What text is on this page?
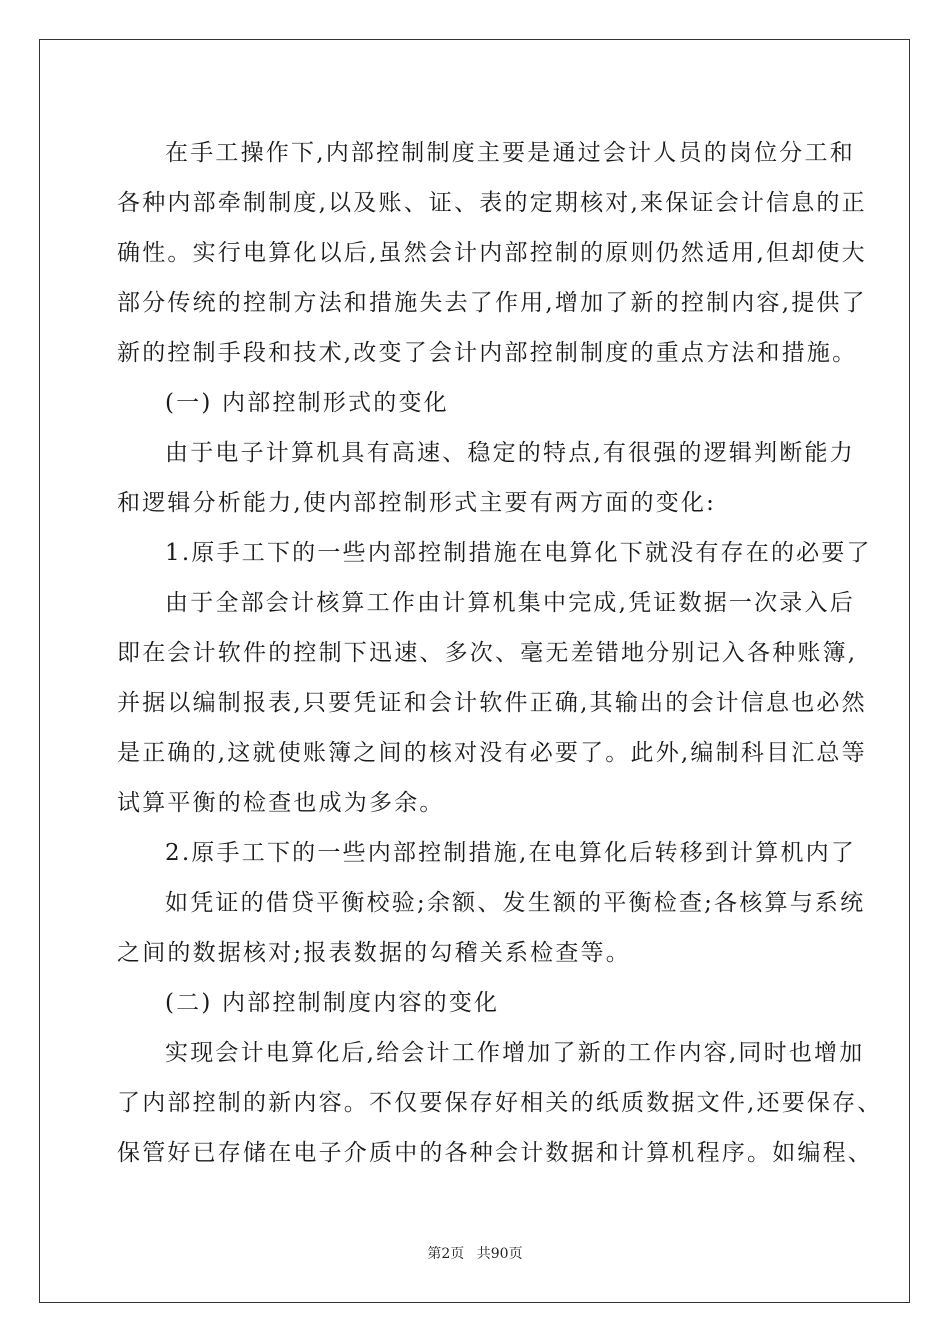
在手工操作下,内部控制制度主要是通过会计人员的岗位分工和
各种内部牵制制度,以及账、证、表的定期核对,来保证会计信息的正
确性。实行电算化以后,虽然会计内部控制的原则仍然适用,但却使大
部分传统的控制方法和措施失去了作用,增加了新的控制内容,提供了
新的控制手段和技术,改变了会计内部控制制度的重点方法和措施。
(一) 内部控制形式的变化
由于电子计算机具有高速、稳定的特点,有很强的逻辑判断能力
和逻辑分析能力,使内部控制形式主要有两方面的变化:
1.原手工下的一些内部控制措施在电算化下就没有存在的必要了
由于全部会计核算工作由计算机集中完成,凭证数据一次录入后
即在会计软件的控制下迅速、多次、毫无差错地分别记入各种账簿,
并据以编制报表,只要凭证和会计软件正确,其输出的会计信息也必然
是正确的,这就使账簿之间的核对没有必要了。此外,编制科目汇总等
试算平衡的检查也成为多余。
2.原手工下的一些内部控制措施,在电算化后转移到计算机内了
如凭证的借贷平衡校验;余额、发生额的平衡检查;各核算与系统
之间的数据核对;报表数据的勾稽关系检查等。
(二) 内部控制制度内容的变化
实现会计电算化后,给会计工作增加了新的工作内容,同时也增加
了内部控制的新内容。不仅要保存好相关的纸质数据文件,还要保存、
保管好已存储在电子介质中的各种会计数据和计算机程序。如编程、
第2页 共90页
